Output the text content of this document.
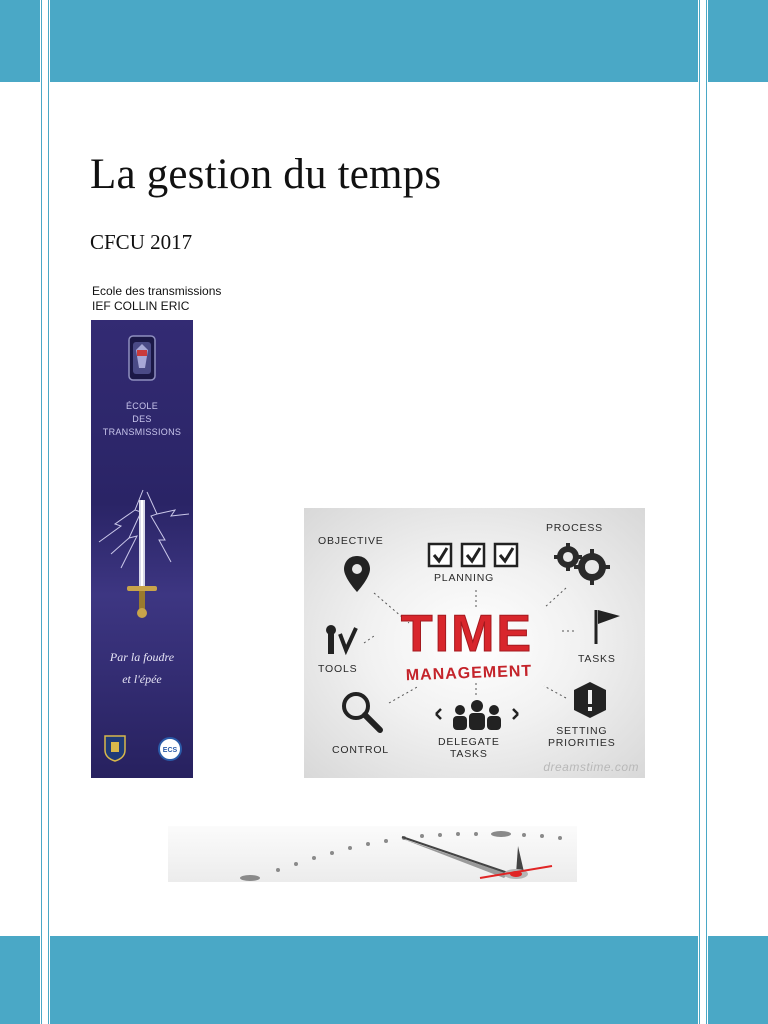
La gestion du temps
CFCU 2017
Ecole des transmissions
IEF COLLIN ERIC
ÉCOLE
DES
TRANSMISSIONS
Par la foudre
et l'épée
ECS
OBJECTIVE
PLANNING
PROCESS
TOOLS
TIME
MANAGEMENT
TASKS
CONTROL
DELEGATE
TASKS
SETTING
PRIORITIES
dreamstime.com
